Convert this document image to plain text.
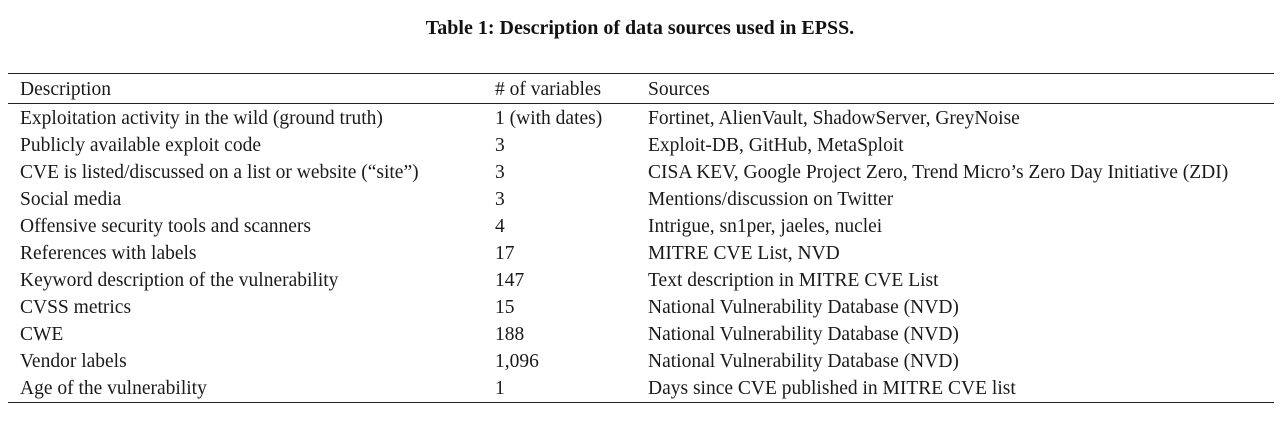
Table 1: Description of data sources used in EPSS.
Description	# of variables	Sources
Exploitation activity in the wild (ground truth)	1 (with dates)	Fortinet, AlienVault, ShadowServer, GreyNoise
Publicly available exploit code	3	Exploit-DB, GitHub, MetaSploit
CVE is listed/discussed on a list or website (“site”)	3	CISA KEV, Google Project Zero, Trend Micro’s Zero Day Initiative (ZDI)
Social media	3	Mentions/discussion on Twitter
Offensive security tools and scanners	4	Intrigue, sn1per, jaeles, nuclei
References with labels	17	MITRE CVE List, NVD
Keyword description of the vulnerability	147	Text description in MITRE CVE List
CVSS metrics	15	National Vulnerability Database (NVD)
CWE	188	National Vulnerability Database (NVD)
Vendor labels	1,096	National Vulnerability Database (NVD)
Age of the vulnerability	1	Days since CVE published in MITRE CVE list
